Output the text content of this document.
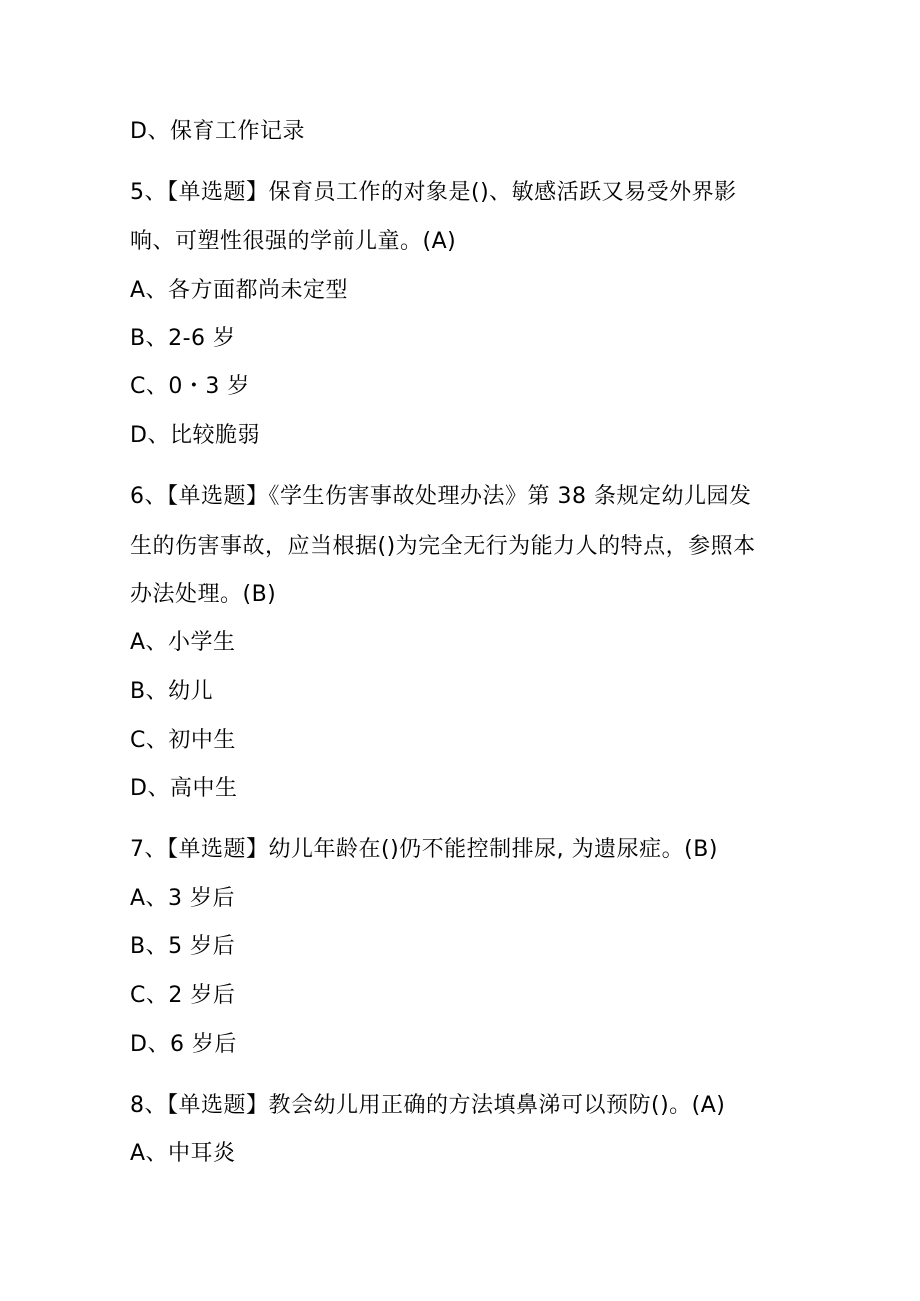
D、保育工作记录
5、【单选题】保育员工作的对象是()、敏感活跃又易受外界影
响、可塑性很强的学前儿童。(A)
A、各方面都尚未定型
B、2-6 岁
C、0・3 岁
D、比较脆弱
6、【单选题】《学生伤害事故处理办法》第 38 条规定幼儿园发
生的伤害事故，应当根据()为完全无行为能力人的特点，参照本
办法处理。(B)
A、小学生
B、幼儿
C、初中生
D、高中生
7、【单选题】幼儿年龄在()仍不能控制排尿, 为遗尿症。(B)
A、3 岁后
B、5 岁后
C、2 岁后
D、6 岁后
8、【单选题】教会幼儿用正确的方法填鼻涕可以预防()。(A)
A、中耳炎
